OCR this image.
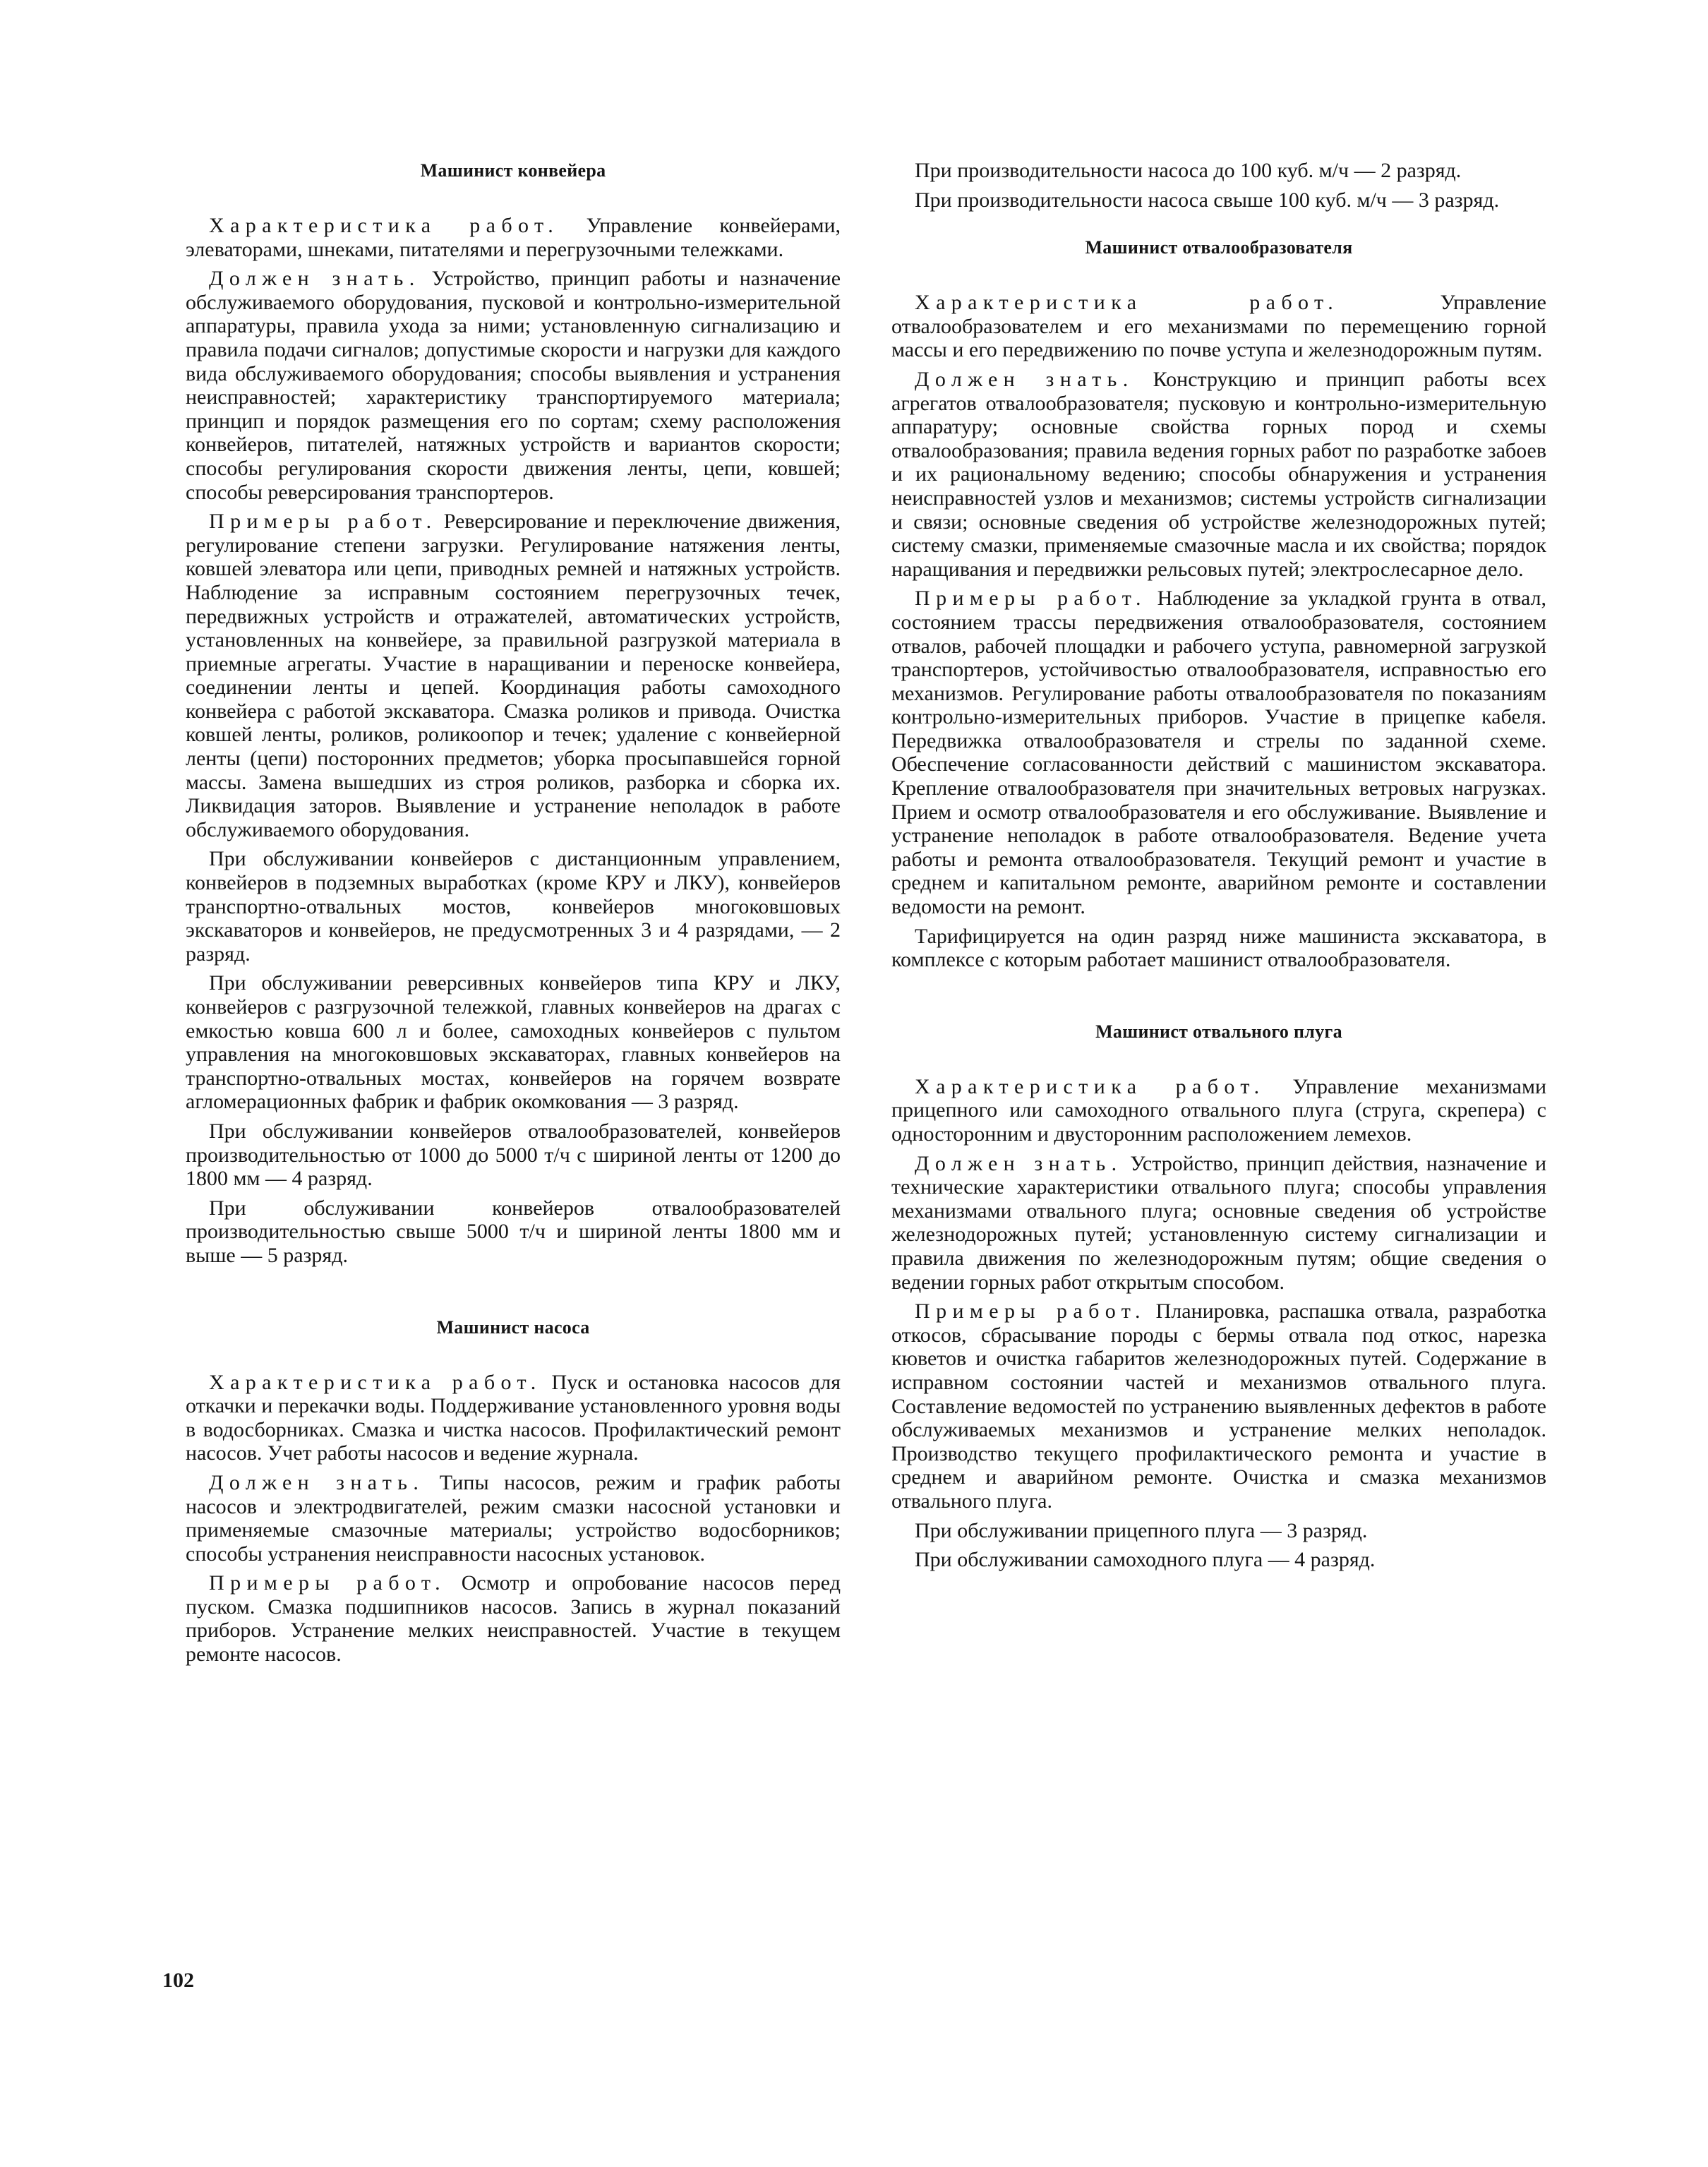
Машинист конвейера

Характеристика работ. Управление конвейерами, элеваторами, шнеками, питателями и перегрузочными тележками.

Должен знать. Устройство, принцип работы и назначение обслуживаемого оборудования, пусковой и контрольно-измерительной аппаратуры, правила ухода за ними; установленную сигнализацию и правила подачи сигналов; допустимые скорости и нагрузки для каждого вида обслуживаемого оборудования; способы выявления и устранения неисправностей; характеристику транспортируемого материала; принцип и порядок размещения его по сортам; схему расположения конвейеров, питателей, натяжных устройств и вариантов скорости; способы регулирования скорости движения ленты, цепи, ковшей; способы реверсирования транспортеров.

Примеры работ. Реверсирование и переключение движения, регулирование степени загрузки. Регулирование натяжения ленты, ковшей элеватора или цепи, приводных ремней и натяжных устройств. Наблюдение за исправным состоянием перегрузочных течек, передвижных устройств и отражателей, автоматических устройств, установленных на конвейере, за правильной разгрузкой материала в приемные агрегаты. Участие в наращивании и переноске конвейера, соединении ленты и цепей. Координация работы самоходного конвейера с работой экскаватора. Смазка роликов и привода. Очистка ковшей ленты, роликов, роликоопор и течек; удаление с конвейерной ленты (цепи) посторонних предметов; уборка просыпавшейся горной массы. Замена вышедших из строя роликов, разборка и сборка их. Ликвидация заторов. Выявление и устранение неполадок в работе обслуживаемого оборудования.

При обслуживании конвейеров с дистанционным управлением, конвейеров в подземных выработках (кроме КРУ и ЛКУ), конвейеров транспортно-отвальных мостов, конвейеров многоковшовых экскаваторов и конвейеров, не предусмотренных 3 и 4 разрядами, — 2 разряд.

При обслуживании реверсивных конвейеров типа КРУ и ЛКУ, конвейеров с разгрузочной тележкой, главных конвейеров на драгах с емкостью ковша 600 л и более, самоходных конвейеров с пультом управления на многоковшовых экскаваторах, главных конвейеров на транспортно-отвальных мостах, конвейеров на горячем возврате агломерационных фабрик и фабрик окомкования — 3 разряд.

При обслуживании конвейеров отвалообразователей, конвейеров производительностью от 1000 до 5000 т/ч с шириной ленты от 1200 до 1800 мм — 4 разряд.

При обслуживании конвейеров отвалообразователей производительностью свыше 5000 т/ч и шириной ленты 1800 мм и выше — 5 разряд.

Машинист насоса

Характеристика работ. Пуск и остановка насосов для откачки и перекачки воды. Поддерживание установленного уровня воды в водосборниках. Смазка и чистка насосов. Профилактический ремонт насосов. Учет работы насосов и ведение журнала.

Должен знать. Типы насосов, режим и график работы насосов и электродвигателей, режим смазки насосной установки и применяемые смазочные материалы; устройство водосборников; способы устранения неисправности насосных установок.

Примеры работ. Осмотр и опробование насосов перед пуском. Смазка подшипников насосов. Запись в журнал показаний приборов. Устранение мелких неисправностей. Участие в текущем ремонте насосов.

При производительности насоса до 100 куб. м/ч — 2 разряд.

При производительности насоса свыше 100 куб. м/ч — 3 разряд.

Машинист отвалообразователя

Характеристика работ.	Управление отвалообразователем и его механизмами по перемещению горной массы и его передвижению по почве уступа и железнодорожным путям.

Должен знать. Конструкцию и принцип работы всех агрегатов отвалообразователя; пусковую и контрольно-измерительную аппаратуру; основные свойства горных пород и схемы отвалообразования; правила ведения горных работ по разработке забоев и их рациональному ведению; способы обнаружения и устранения неисправностей узлов и механизмов; системы устройств сигнализации и связи; основные сведения об устройстве железнодорожных путей; систему смазки, применяемые смазочные масла и их свойства; порядок наращивания и передвижки рельсовых путей; электрослесарное дело.

Примеры работ. Наблюдение за укладкой грунта в отвал, состоянием трассы передвижения отвалообразователя, состоянием отвалов, рабочей площадки и рабочего уступа, равномерной загрузкой транспортеров, устойчивостью отвалообразователя, исправностью его механизмов. Регулирование работы отвалообразователя по показаниям контрольно-измерительных приборов. Участие в прицепке кабеля. Передвижка отвалообразователя и стрелы по заданной схеме. Обеспечение согласованности действий с машинистом экскаватора. Крепление отвалообразователя при значительных ветровых нагрузках. Прием и осмотр отвалообразователя и его обслуживание. Выявление и устранение неполадок в работе отвалообразователя. Ведение учета работы и ремонта отвалообразователя. Текущий ремонт и участие в среднем и капитальном ремонте, аварийном ремонте и составлении ведомости на ремонт.

Тарифицируется на один разряд ниже машиниста экскаватора, в комплексе с которым работает машинист отвалообразователя.

Машинист отвального плуга

Характеристика работ. Управление механизмами прицепного или самоходного отвального плуга (струга, скрепера) с односторонним и двусторонним расположением лемехов.

Должен знать. Устройство, принцип действия, назначение и технические характеристики отвального плуга; способы управления механизмами отвального плуга; основные сведения об устройстве железнодорожных путей; установленную систему сигнализации и правила движения по железнодорожным путям; общие сведения о ведении горных работ открытым способом.

Примеры работ. Планировка, распашка отвала, разработка откосов, сбрасывание породы с бермы отвала под откос, нарезка кюветов и очистка габаритов железнодорожных путей. Содержание в исправном состоянии частей и механизмов отвального плуга. Составление ведомостей по устранению выявленных дефектов в работе обслуживаемых механизмов и устранение мелких неполадок. Производство текущего профилактического ремонта и участие в среднем и аварийном ремонте. Очистка и смазка механизмов отвального плуга.

При обслуживании прицепного плуга — 3 разряд.

При обслуживании самоходного плуга — 4 разряд.

102
